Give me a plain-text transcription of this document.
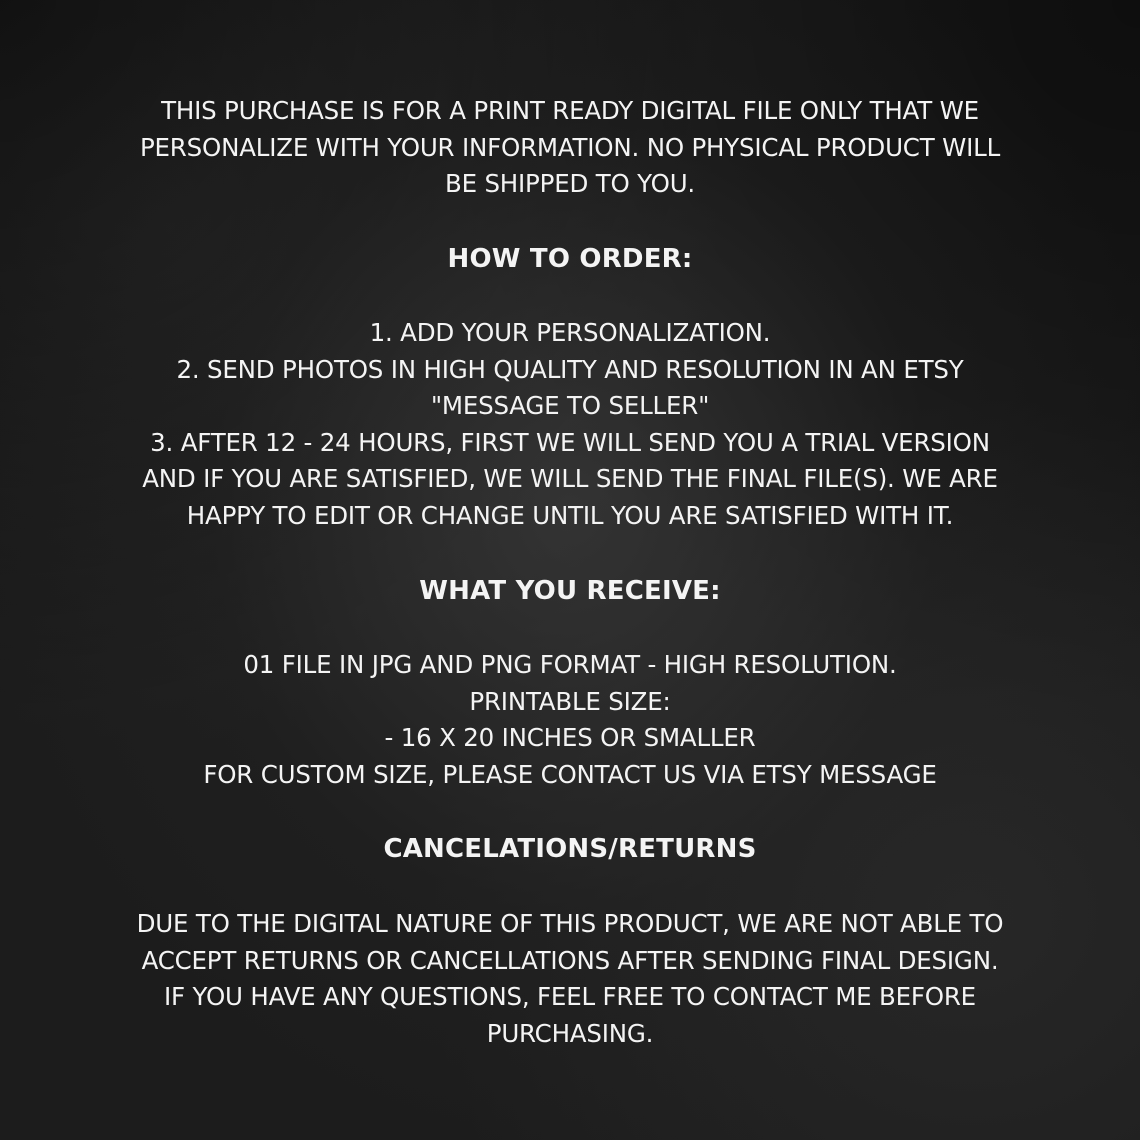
THIS PURCHASE IS FOR A PRINT READY DIGITAL FILE ONLY THAT WE
PERSONALIZE WITH YOUR INFORMATION. NO PHYSICAL PRODUCT WILL
BE SHIPPED TO YOU.
HOW TO ORDER:
1. ADD YOUR PERSONALIZATION.
2. SEND PHOTOS IN HIGH QUALITY AND RESOLUTION IN AN ETSY
"MESSAGE TO SELLER"
3. AFTER 12 - 24 HOURS, FIRST WE WILL SEND YOU A TRIAL VERSION
AND IF YOU ARE SATISFIED, WE WILL SEND THE FINAL FILE(S). WE ARE
HAPPY TO EDIT OR CHANGE UNTIL YOU ARE SATISFIED WITH IT.
WHAT YOU RECEIVE:
01 FILE IN JPG AND PNG FORMAT - HIGH RESOLUTION.
PRINTABLE SIZE:
- 16 X 20 INCHES OR SMALLER
FOR CUSTOM SIZE, PLEASE CONTACT US VIA ETSY MESSAGE
CANCELATIONS/RETURNS
DUE TO THE DIGITAL NATURE OF THIS PRODUCT, WE ARE NOT ABLE TO
ACCEPT RETURNS OR CANCELLATIONS AFTER SENDING FINAL DESIGN.
IF YOU HAVE ANY QUESTIONS, FEEL FREE TO CONTACT ME BEFORE
PURCHASING.
